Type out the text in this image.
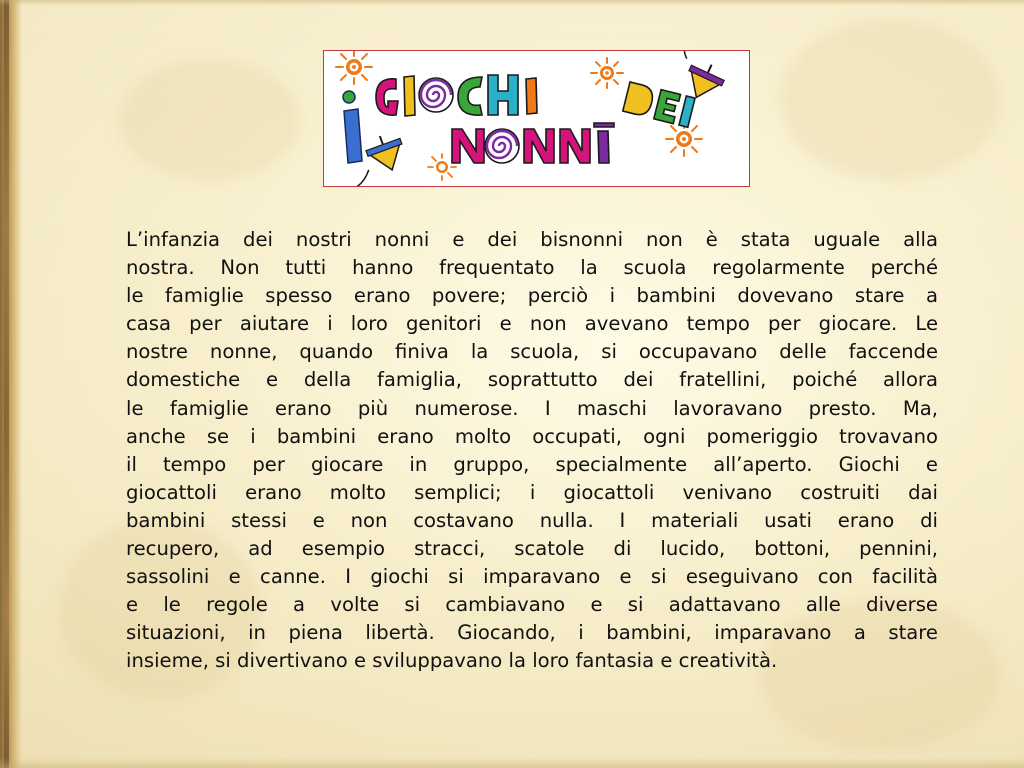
L’infanzia dei nostri nonni e dei bisnonni non è stata uguale alla
nostra. Non tutti hanno frequentato la scuola regolarmente perché
le famiglie spesso erano povere; perciò i bambini dovevano stare a
casa per aiutare i loro genitori e non avevano tempo per giocare. Le
nostre nonne, quando finiva la scuola, si occupavano delle faccende
domestiche e della famiglia, soprattutto dei fratellini, poiché allora
le famiglie erano più numerose. I maschi lavoravano presto. Ma,
anche se i bambini erano molto occupati, ogni pomeriggio trovavano
il tempo per giocare in gruppo, specialmente all’aperto. Giochi e
giocattoli erano molto semplici; i giocattoli venivano costruiti dai
bambini stessi e non costavano nulla. I materiali usati erano di
recupero, ad esempio stracci, scatole di lucido, bottoni, pennini,
sassolini e canne. I giochi si imparavano e si eseguivano con facilità
e le regole a volte si cambiavano e si adattavano alle diverse
situazioni, in piena libertà. Giocando, i bambini, imparavano a stare
insieme, si divertivano e sviluppavano la loro fantasia e creatività.
